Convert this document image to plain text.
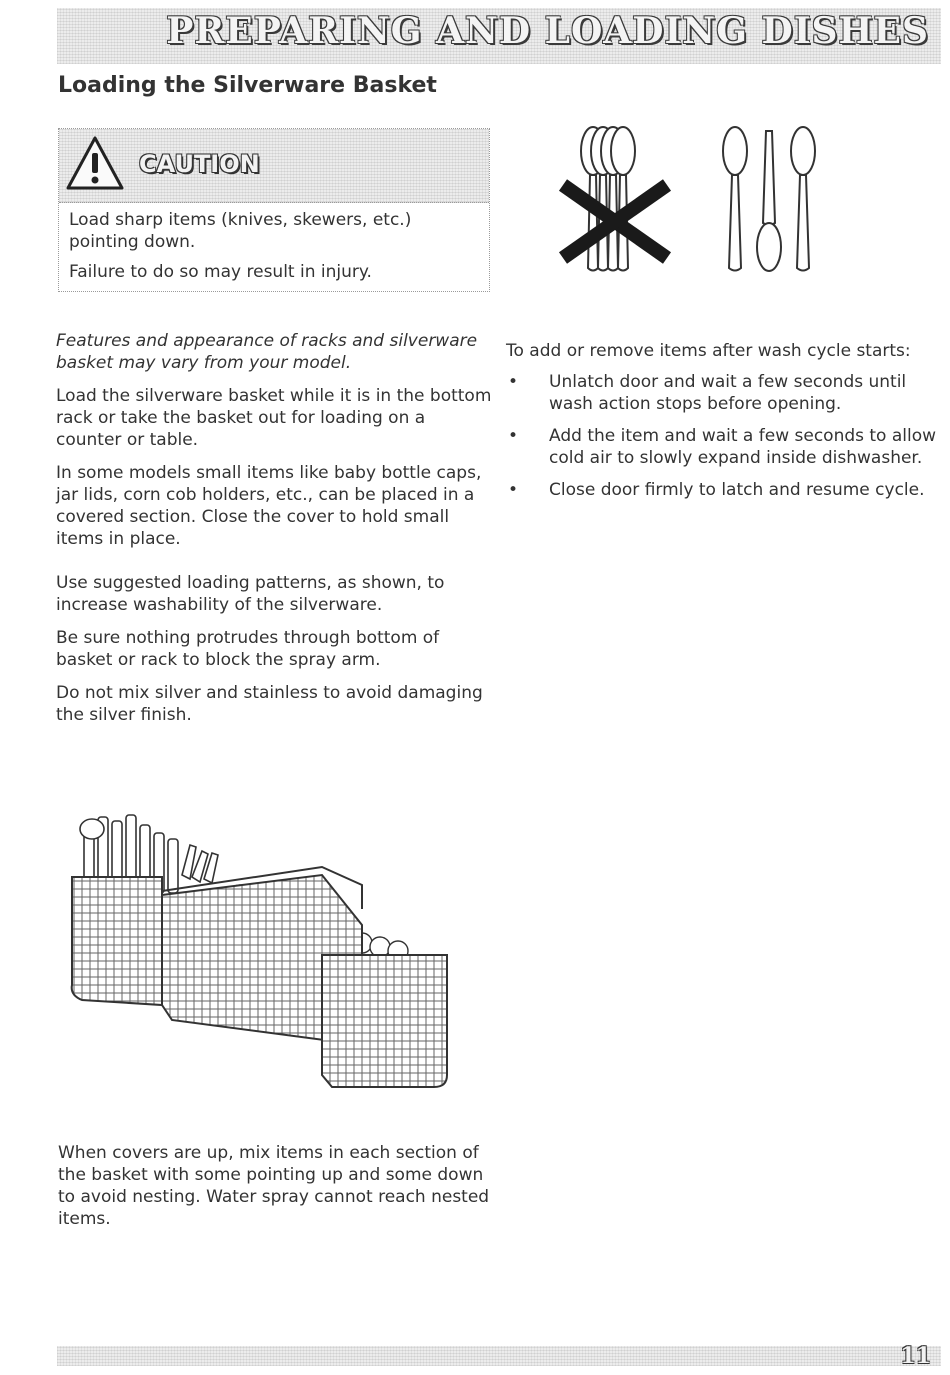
PREPARING AND LOADING DISHES
Loading the Silverware Basket
CAUTION

Load sharp items (knives, skewers, etc.) pointing down.

Failure to do so may result in injury.

Features and appearance of racks and silverware basket may vary from your model.

Load the silverware basket while it is in the bottom rack or take the basket out for loading on a counter or table.

In some models small items like baby bottle caps, jar lids, corn cob holders, etc., can be placed in a covered section. Close the cover to hold small items in place.

Use suggested loading patterns, as shown, to increase washability of the silverware.

Be sure nothing protrudes through bottom of basket or rack to block the spray arm.

Do not mix silver and stainless to avoid damaging the silver finish.

To add or remove items after wash cycle starts:

• Unlatch door and wait a few seconds until wash action stops before opening.
• Add the item and wait a few seconds to allow cold air to slowly expand inside dishwasher.
• Close door firmly to latch and resume cycle.

When covers are up, mix items in each section of the basket with some pointing up and some down to avoid nesting. Water spray cannot reach nested items.

11
